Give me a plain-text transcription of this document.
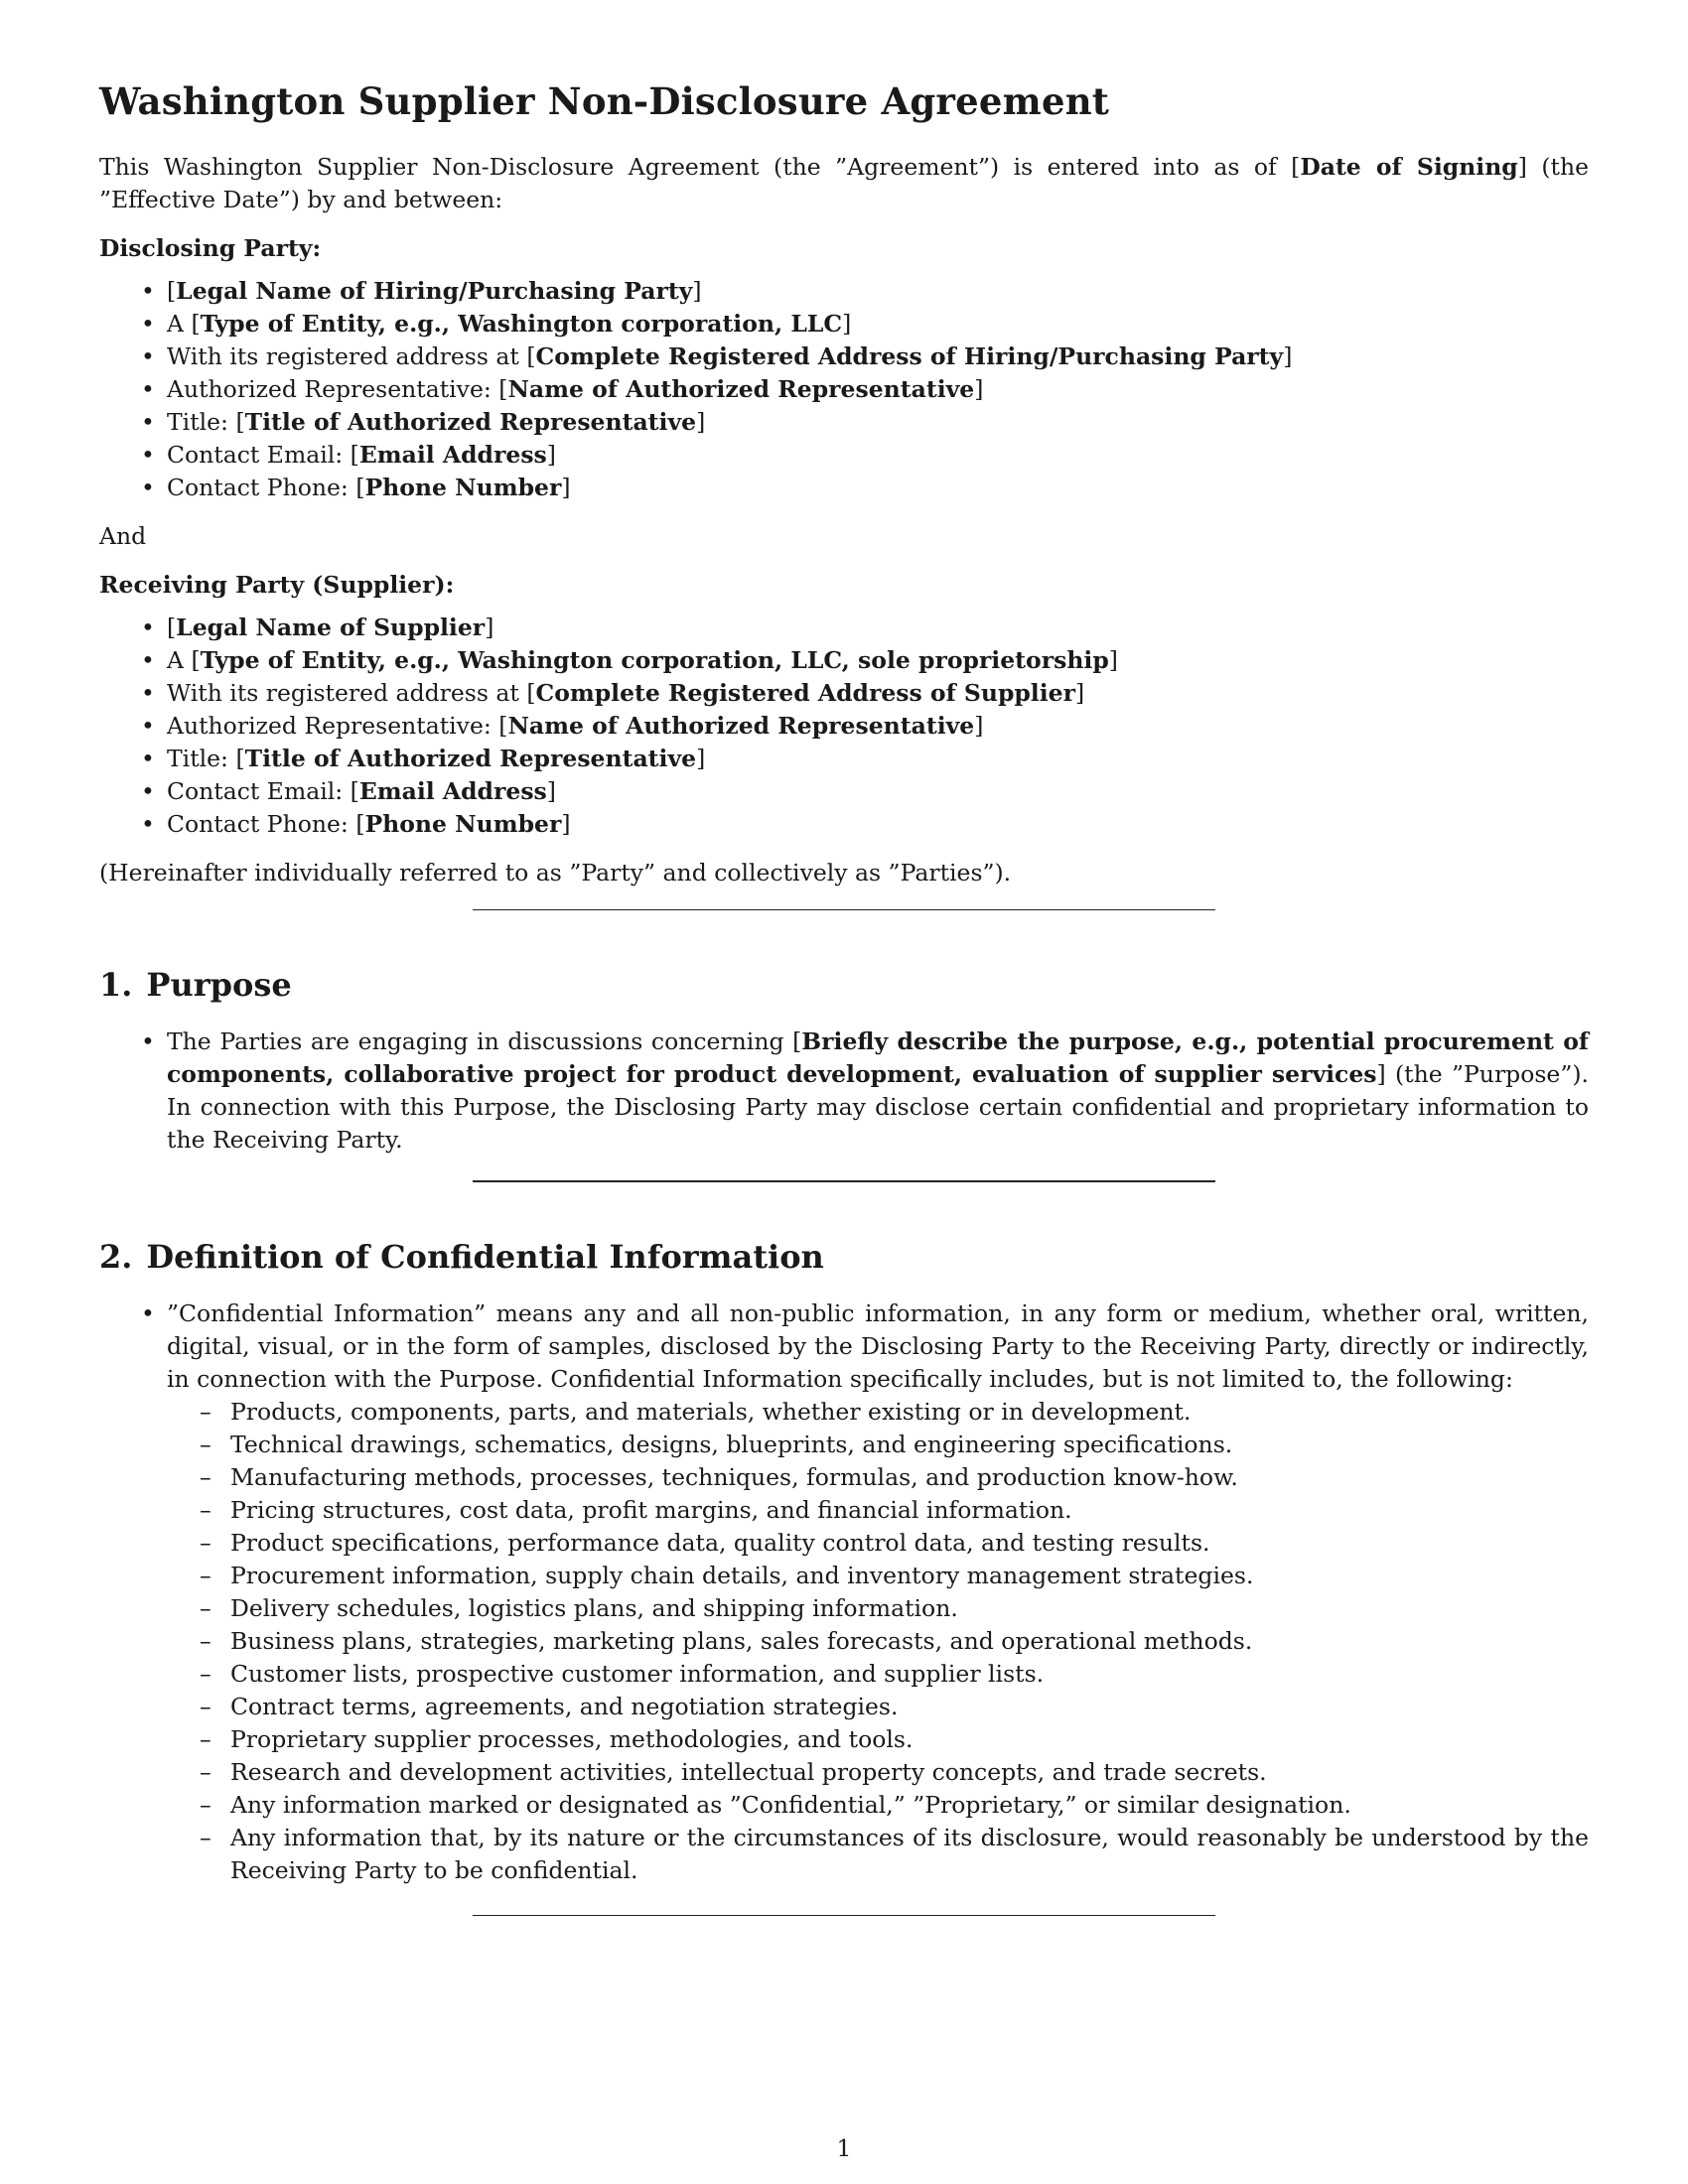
Washington Supplier Non-Disclosure Agreement

This Washington Supplier Non-Disclosure Agreement (the ”Agreement”) is entered into as of [Date of Signing] (the ”Effective Date”) by and between:

Disclosing Party:

• [Legal Name of Hiring/Purchasing Party]
• A [Type of Entity, e.g., Washington corporation, LLC]
• With its registered address at [Complete Registered Address of Hiring/Purchasing Party]
• Authorized Representative: [Name of Authorized Representative]
• Title: [Title of Authorized Representative]
• Contact Email: [Email Address]
• Contact Phone: [Phone Number]

And

Receiving Party (Supplier):

• [Legal Name of Supplier]
• A [Type of Entity, e.g., Washington corporation, LLC, sole proprietorship]
• With its registered address at [Complete Registered Address of Supplier]
• Authorized Representative: [Name of Authorized Representative]
• Title: [Title of Authorized Representative]
• Contact Email: [Email Address]
• Contact Phone: [Phone Number]

(Hereinafter individually referred to as ”Party” and collectively as ”Parties”).

1. Purpose
• The Parties are engaging in discussions concerning [Briefly describe the purpose, e.g., potential procurement of components, collaborative project for product development, evaluation of supplier services] (the ”Purpose”). In connection with this Purpose, the Disclosing Party may disclose certain confidential and proprietary information to the Receiving Party.
2. Definition of Confidential Information
• ”Confidential Information” means any and all non-public information, in any form or medium, whether oral, written, digital, visual, or in the form of samples, disclosed by the Disclosing Party to the Receiving Party, directly or indirectly, in connection with the Purpose. Confidential Information specifically includes, but is not limited to, the following:
– Products, components, parts, and materials, whether existing or in development.
– Technical drawings, schematics, designs, blueprints, and engineering specifications.
– Manufacturing methods, processes, techniques, formulas, and production know-how.
– Pricing structures, cost data, profit margins, and financial information.
– Product specifications, performance data, quality control data, and testing results.
– Procurement information, supply chain details, and inventory management strategies.
– Delivery schedules, logistics plans, and shipping information.
– Business plans, strategies, marketing plans, sales forecasts, and operational methods.
– Customer lists, prospective customer information, and supplier lists.
– Contract terms, agreements, and negotiation strategies.
– Proprietary supplier processes, methodologies, and tools.
– Research and development activities, intellectual property concepts, and trade secrets.
– Any information marked or designated as ”Confidential,” ”Proprietary,” or similar designation.
– Any information that, by its nature or the circumstances of its disclosure, would reasonably be understood by the Receiving Party to be confidential.
1
